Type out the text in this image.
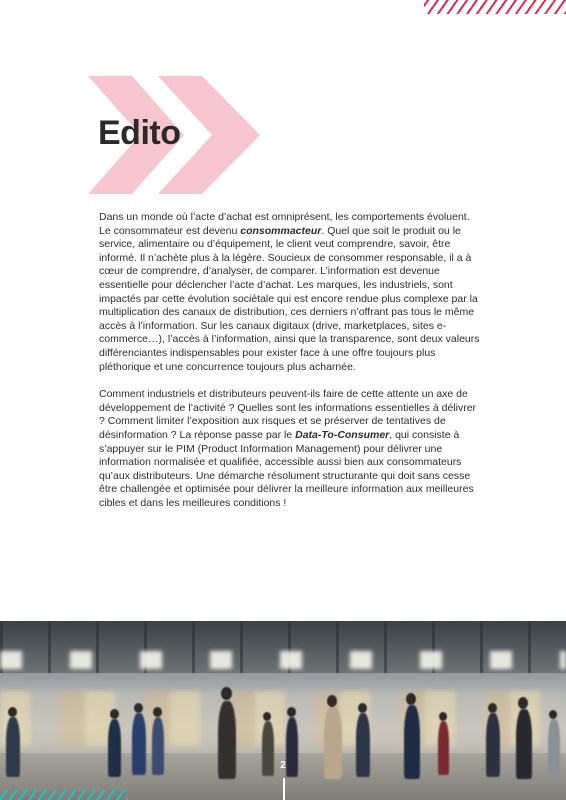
Edito

Dans un monde où l’acte d’achat est omniprésent, les comportements évoluent. Le consommateur est devenu consommacteur. Quel que soit le produit ou le service, alimentaire ou d’équipement, le client veut comprendre, savoir, être informé. Il n’achète plus à la légère. Soucieux de consommer responsable, il a à cœur de comprendre, d’analyser, de comparer. L’information est devenue essentielle pour déclencher l’acte d’achat. Les marques, les industriels, sont impactés par cette évolution sociétale qui est encore rendue plus complexe par la multiplication des canaux de distribution, ces derniers n’offrant pas tous le même accès à l’information. Sur les canaux digitaux (drive, marketplaces, sites e-commerce…), l’accès à l’information, ainsi que la transparence, sont deux valeurs différenciantes indispensables pour exister face à une offre toujours plus pléthorique et une concurrence toujours plus acharnée.

Comment industriels et distributeurs peuvent-ils faire de cette attente un axe de développement de l’activité ? Quelles sont les informations essentielles à délivrer ? Comment limiter l’exposition aux risques et se préserver de tentatives de désinformation ? La réponse passe par le Data-To-Consumer, qui consiste à s’appuyer sur le PIM (Product Information Management) pour délivrer une information normalisée et qualifiée, accessible aussi bien aux consommateurs qu’aux distributeurs. Une démarche résolument structurante qui doit sans cesse être challengée et optimisée pour délivrer la meilleure information aux meilleures cibles et dans les meilleures conditions !

2
